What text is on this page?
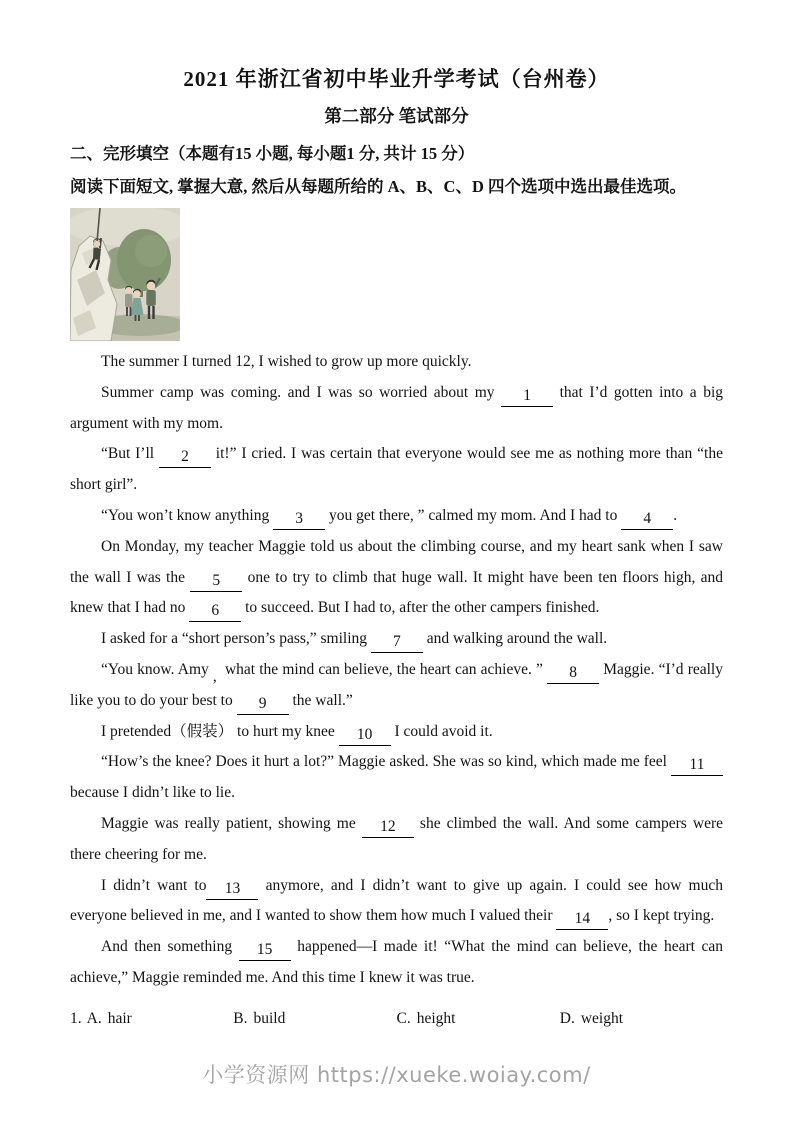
2021 年浙江省初中毕业升学考试（台州卷）
第二部分 笔试部分
二、完形填空（本题有15 小题, 每小题1 分, 共计 15 分）
阅读下面短文, 掌握大意, 然后从每题所给的 A、B、C、D 四个选项中选出最佳选项。

The summer I turned 12, I wished to grow up more quickly.

Summer camp was coming. and I was so worried about my 1 that I’d gotten into a big argument with my mom.

“But I’ll 2 it!” I cried. I was certain that everyone would see me as nothing more than “the short girl”.

“You won’t know anything 3 you get there, ” calmed my mom. And I had to 4 .

On Monday, my teacher Maggie told us about the climbing course, and my heart sank when I saw the wall I was the 5 one to try to climb that huge wall. It might have been ten floors high, and knew that I had no 6 to succeed. But I had to, after the other campers finished.

I asked for a “short person’s pass,” smiling 7 and walking around the wall.

“You know. Amy , what the mind can believe, the heart can achieve. ” 8 Maggie. “I’d really like you to do your best to 9 the wall.”

I pretended（假装） to hurt my knee 10 I could avoid it.

“How’s the knee? Does it hurt a lot?” Maggie asked. She was so kind, which made me feel 11 because I didn’t like to lie.

Maggie was really patient, showing me 12 she climbed the wall. And some campers were there cheering for me.

I didn’t want to 13 anymore, and I didn’t want to give up again. I could see how much everyone believed in me, and I wanted to show them how much I valued their 14 , so I kept trying.

And then something 15 happened—I made it! “What the mind can believe, the heart can achieve,” Maggie reminded me. And this time I knew it was true.

1. A. hair	B. build	C. height	D. weight
小学资源网 https://xueke.woiay.com/
